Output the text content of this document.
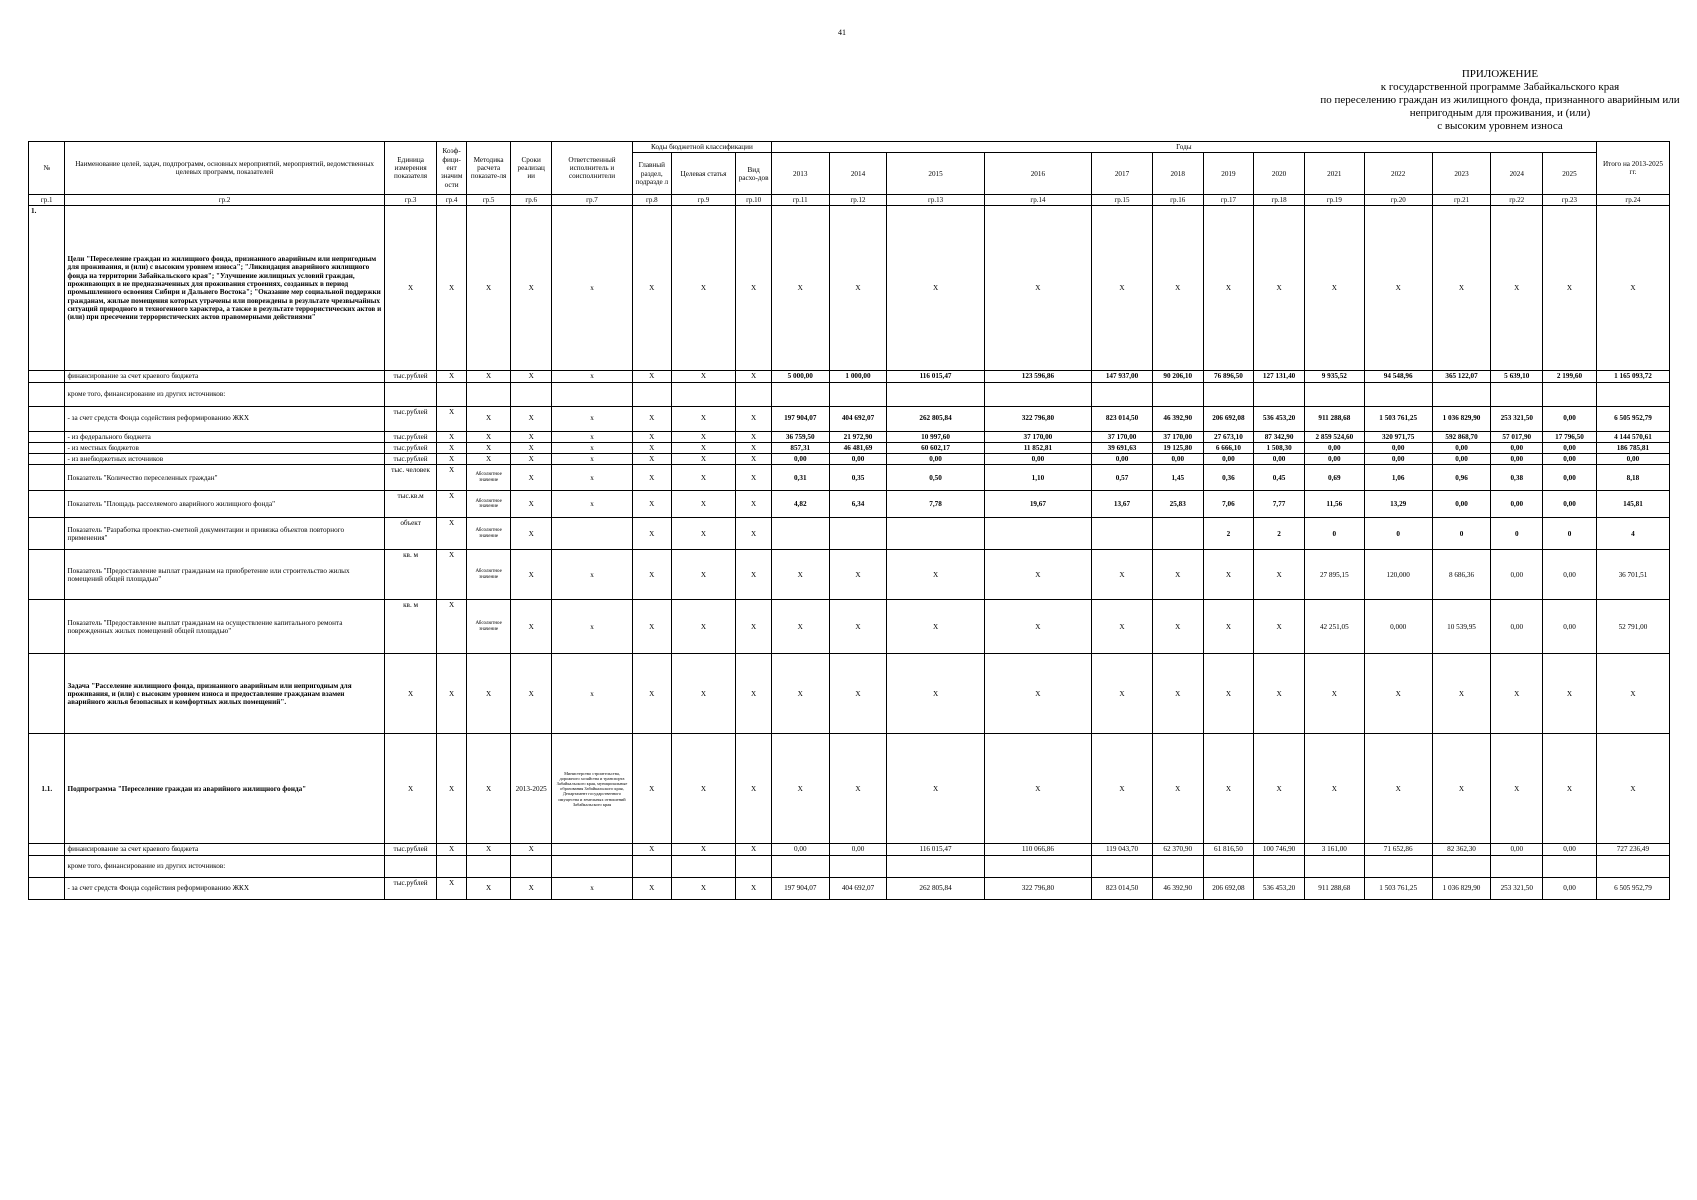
41
ПРИЛОЖЕНИЕ
к государственной программе Забайкальского края
по переселению граждан из жилищного фонда, признанного аварийным или
непригодным для проживания, и (или)
с высоким уровнем износа
№	Наименование целей, задач, подпрограмм, основных мероприятий, мероприятий, ведомственных целевых программ, показателей	Единица измерения показателя	Коэф-фици-ент значим ости	Методика расчета показате-ля	Сроки реализац ии	Ответственный исполнитель и соисполнители	Коды бюджетной классификации			Годы													Итого на 2013-2025 гг.
							Главный раздел, подразде л	Целевая статья	Вид расхо-дов	2013	2014	2015	2016	2017	2018	2019	2020	2021	2022	2023	2024	2025	
гр.1	гр.2	гр.3	гр.4	гр.5	гр.6	гр.7	гр.8	гр.9	гр.10	гр.11	гр.12	гр.13	гр.14	гр.15	гр.16	гр.17	гр.18	гр.19	гр.20	гр.21	гр.22	гр.23	гр.24
1.	Цели "Переселение граждан из жилищного фонда, признанного аварийным или непригодным для проживания, и (или) с высоким уровнем износа"; "Ликвидация аварийного жилищного фонда на территории Забайкальского края"; "Улучшение жилищных условий граждан, проживающих в не предназначенных для проживания строениях, созданных в период промышленного освоения Сибири и Дальнего Востока"; "Оказание мер социальной поддержки гражданам, жилые помещения которых утрачены или повреждены в результате чрезвычайных ситуаций природного и техногенного характера, а также в результате террористических актов и (или) при пресечении террористических актов правомерными действиями"	X	X	X	X	x	X	X	X	X	X	X	X	X	X	X	X	X	X	X	X	X	X
	финансирование за счет краевого бюджета	тыс.рублей	X	X	X	x	X	X	X	5 000,00	1 000,00	116 015,47	123 596,86	147 937,00	90 206,10	76 896,50	127 131,40	9 935,52	94 548,96	365 122,07	5 639,10	2 199,60	1 165 093,72
	кроме того, финансирование из других источников:																						
	- за счет средств Фонда содействия реформированию ЖКХ	тыс.рублей	X	X	X	x	X	X	X	197 904,07	404 692,07	262 805,84	322 796,80	823 014,50	46 392,90	206 692,08	536 453,20	911 288,68	1 503 761,25	1 036 829,90	253 321,50	0,00	6 505 952,79
	- из федерального бюджета	тыс.рублей	X	X	X	x	X	X	X	36 759,50	21 972,90	10 997,60	37 170,00	37 170,00	37 170,00	27 673,10	87 342,90	2 859 524,60	320 971,75	592 868,70	57 017,90	17 796,50	4 144 570,61
	- из местных бюджетов	тыс.рублей	X	X	X	x	X	X	X	857,31	46 481,69	60 602,17	11 852,81	39 691,63	19 125,80	6 666,10	1 508,30	0,00	0,00	0,00	0,00	0,00	186 785,81
	- из внебюджетных источников	тыс.рублей	X	X	X	x	X	X	X	0,00	0,00	0,00	0,00	0,00	0,00	0,00	0,00	0,00	0,00	0,00	0,00	0,00	0,00
	Показатель "Количество переселенных граждан"	тыс. человек	X	Абсолютное значение	X	x	X	X	X	0,31	0,35	0,50	1,10	0,57	1,45	0,36	0,45	0,69	1,06	0,96	0,38	0,00	8,18
	Показатель "Площадь расселяемого аварийного жилищного фонда"	тыс.кв.м	X	Абсолютное значение	X	x	X	X	X	4,82	6,34	7,78	19,67	13,67	25,83	7,06	7,77	11,56	13,29	0,00	0,00	0,00	145,81
	Показатель "Разработка проектно-сметной документации и привязка объектов повторного применения"	объект	X	Абсолютное значение	X		X	X	X							2	2	0	0	0	0	0	4
	Показатель "Предоставление выплат гражданам на приобретение или строительство жилых помещений общей площадью"	кв. м	X	Абсолютное значение	X	x	X	X	X	X	X	X	X	X	X	X	X	27 895,15	120,000	8 686,36	0,00	0,00	36 701,51
	Показатель "Предоставление выплат гражданам на осуществление капитального ремонта поврежденных жилых помещений общей площадью"	кв. м	X	Абсолютное значение	X	x	X	X	X	X	X	X	X	X	X	X	X	42 251,05	0,000	10 539,95	0,00	0,00	52 791,00
	Задача "Расселение жилищного фонда, признанного аварийным или непригодным для проживания, и (или) с высоким уровнем износа и предоставление гражданам взамен аварийного жилья безопасных и комфортных жилых помещений".	X	X	X	X	x	X	X	X	X	X	X	X	X	X	X	X	X	X	X	X	X	X
1.1.	Подпрограмма "Переселение граждан из аварийного жилищного фонда"	X	X	X	2013-2025	Министерство строительства, дорожного хозяйства и транспорта Забайкальского края, муниципальные образования Забайкальского края, Департамент государственного имущества и земельных отношений Забайкальского края	X	X	X	X	X	X	X	X	X	X	X	X	X	X	X	X	X
	финансирование за счет краевого бюджета	тыс.рублей	X	X	X		X	X	X	0,00	0,00	116 015,47	110 066,86	119 043,70	62 370,90	61 816,50	100 746,90	3 161,00	71 652,86	82 362,30	0,00	0,00	727 236,49
	кроме того, финансирование из других источников:																						
	- за счет средств Фонда содействия реформированию ЖКХ	тыс.рублей	X	X	X	x	X	X	X	197 904,07	404 692,07	262 805,84	322 796,80	823 014,50	46 392,90	206 692,08	536 453,20	911 288,68	1 503 761,25	1 036 829,90	253 321,50	0,00	6 505 952,79
